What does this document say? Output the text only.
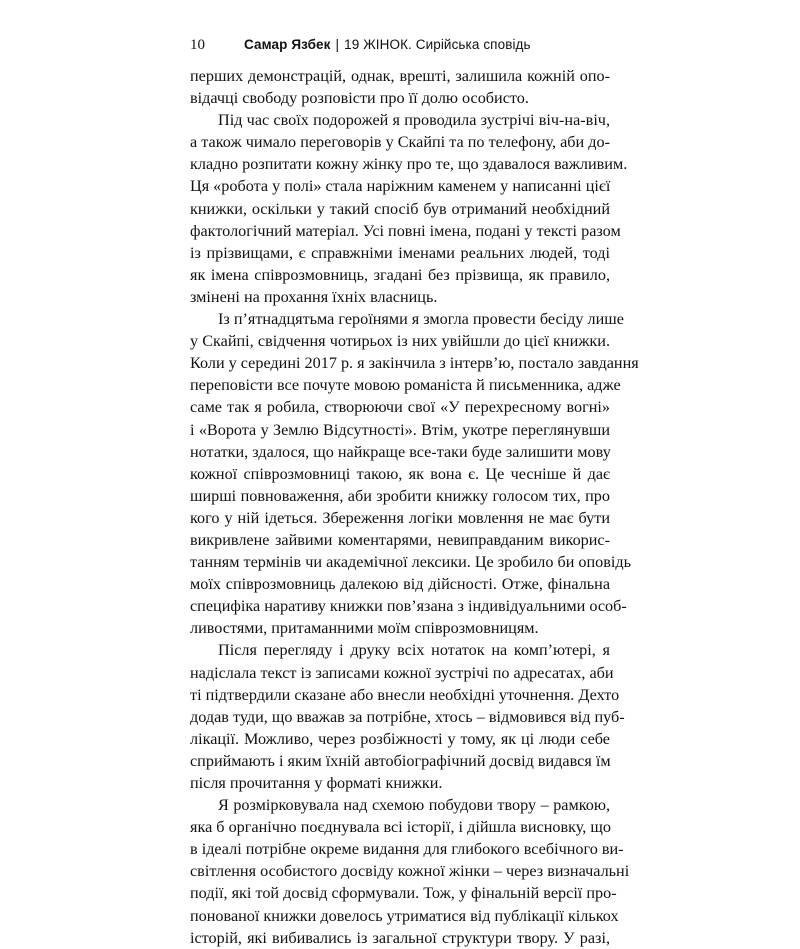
10	Самар Язбек | 19 ЖІНОК. Сирійська сповідь
перших демонстрацій, однак, врешті, залишила кожній опо-
відачці свободу розповісти про її долю особисто.
Під час своїх подорожей я проводила зустрічі віч-на-віч,
а також чимало переговорів у Скайпі та по телефону, аби до-
кладно розпитати кожну жінку про те, що здавалося важливим.
Ця «робота у полі» стала наріжним каменем у написанні цієї
книжки, оскільки у такий спосіб був отриманий необхідний
фактологічний матеріал. Усі повні імена, подані у тексті разом
із прізвищами, є справжніми іменами реальних людей, тоді
як імена співрозмовниць, згадані без прізвища, як правило,
змінені на прохання їхніх власниць.
Із п’ятнадцятьма героїнями я змогла провести бесіду лише
у Скайпі, свідчення чотирьох із них увійшли до цієї книжки.
Коли у середині 2017 р. я закінчила з інтерв’ю, постало завдання
переповісти все почуте мовою романіста й письменника, адже
саме так я робила, створюючи свої «У перехресному вогні»
і «Ворота у Землю Відсутності». Втім, укотре переглянувши
нотатки, здалося, що найкраще все-таки буде залишити мову
кожної співрозмовниці такою, як вона є. Це чесніше й дає
ширші повноваження, аби зробити книжку голосом тих, про
кого у ній ідеться. Збереження логіки мовлення не має бути
викривлене зайвими коментарями, невиправданим викорис-
танням термінів чи академічної лексики. Це зробило би оповідь
моїх співрозмовниць далекою від дійсності. Отже, фінальна
специфіка наративу книжки пов’язана з індивідуальними особ-
ливостями, притаманними моїм співрозмовницям.
Після перегляду і друку всіх нотаток на комп’ютері, я
надіслала текст із записами кожної зустрічі по адресатах, аби
ті підтвердили сказане або внесли необхідні уточнення. Дехто
додав туди, що вважав за потрібне, хтось – відмовився від пуб-
лікації. Можливо, через розбіжності у тому, як ці люди себе
сприймають і яким їхній автобіографічний досвід видався їм
після прочитання у форматі книжки.
Я розмірковувала над схемою побудови твору – рамкою,
яка б органічно поєднувала всі історії, і дійшла висновку, що
в ідеалі потрібне окреме видання для глибокого всебічного ви-
світлення особистого досвіду кожної жінки – через визначальні
події, які той досвід сформували. Тож, у фінальній версії про-
понованої книжки довелось утриматися від публікації кількох
історій, які вибивались із загальної структури твору. У разі,
